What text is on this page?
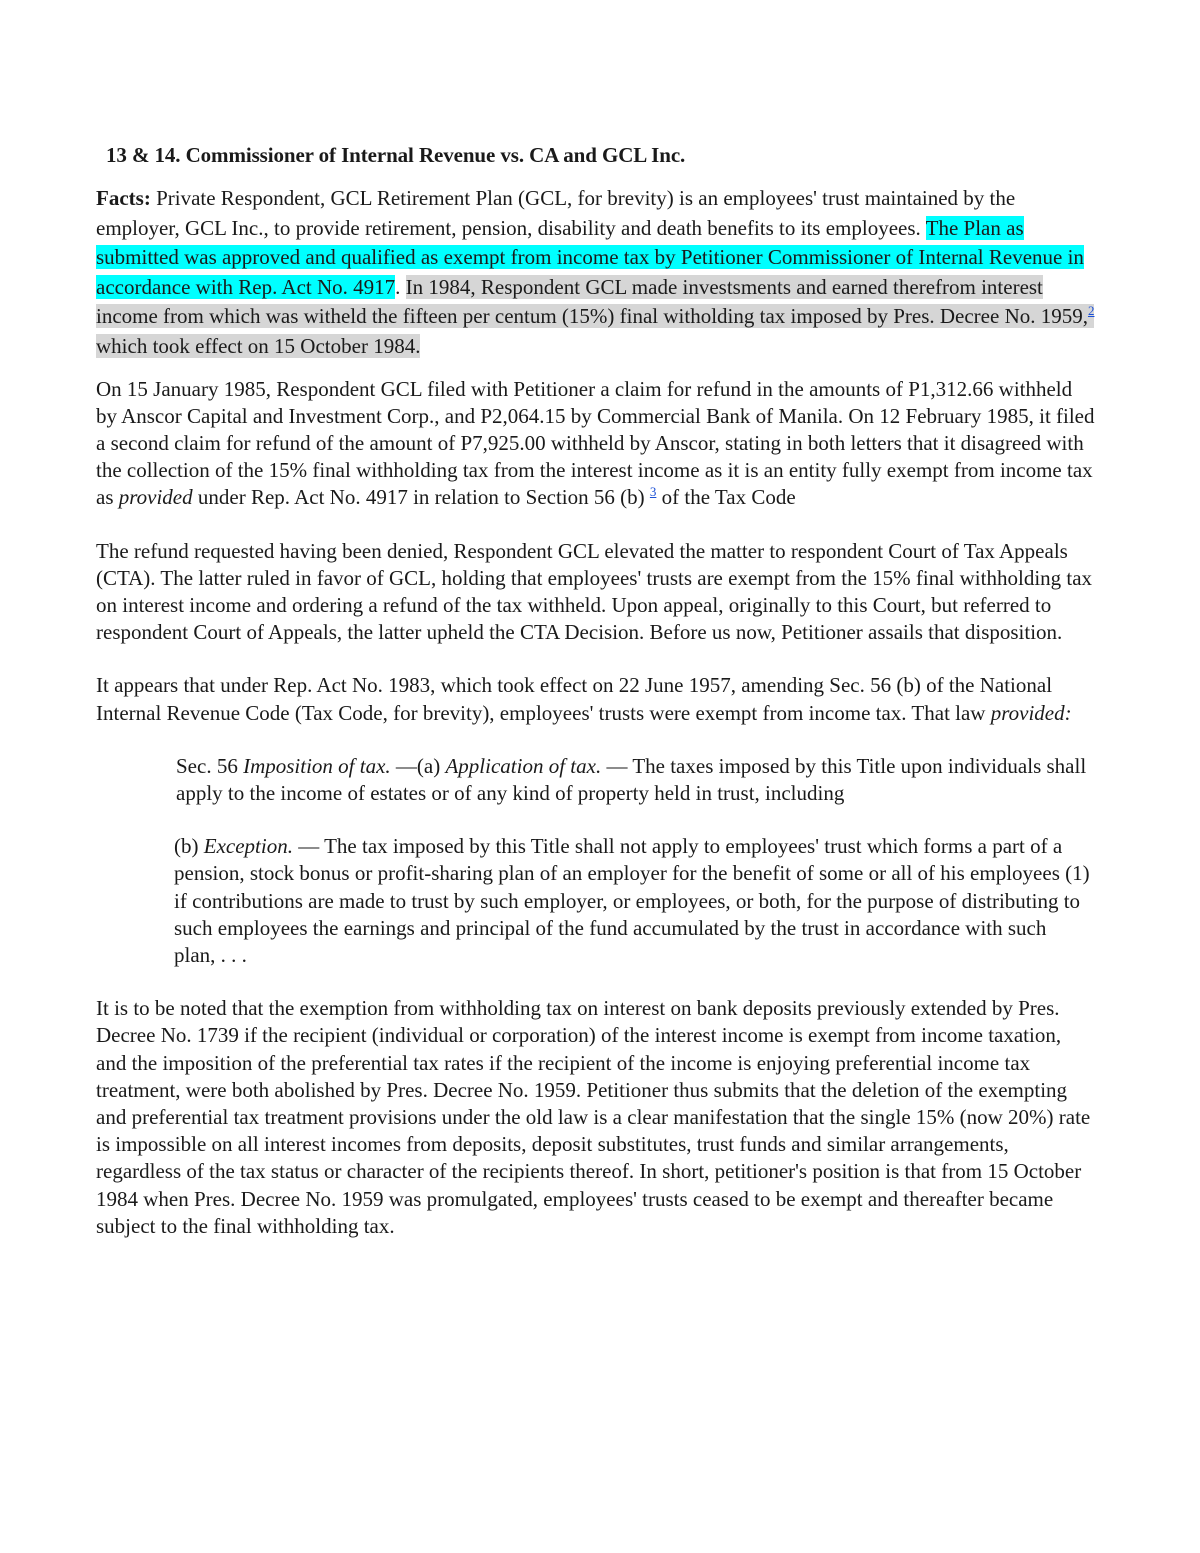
13 & 14. Commissioner of Internal Revenue vs. CA and GCL Inc.

Facts: Private Respondent, GCL Retirement Plan (GCL, for brevity) is an employees' trust maintained by the employer, GCL Inc., to provide retirement, pension, disability and death benefits to its employees. The Plan as submitted was approved and qualified as exempt from income tax by Petitioner Commissioner of Internal Revenue in accordance with Rep. Act No. 4917. In 1984, Respondent GCL made investsments and earned therefrom interest income from which was witheld the fifteen per centum (15%) final witholding tax imposed by Pres. Decree No. 1959,$^2$ which took effect on 15 October 1984.

On 15 January 1985, Respondent GCL filed with Petitioner a claim for refund in the amounts of P1,312.66 withheld by Anscor Capital and Investment Corp., and P2,064.15 by Commercial Bank of Manila. On 12 February 1985, it filed a second claim for refund of the amount of P7,925.00 withheld by Anscor, stating in both letters that it disagreed with the collection of the 15% final withholding tax from the interest income as it is an entity fully exempt from income tax as provided under Rep. Act No. 4917 in relation to Section 56 (b) $^3$ of the Tax Code

The refund requested having been denied, Respondent GCL elevated the matter to respondent Court of Tax Appeals (CTA). The latter ruled in favor of GCL, holding that employees' trusts are exempt from the 15% final withholding tax on interest income and ordering a refund of the tax withheld. Upon appeal, originally to this Court, but referred to respondent Court of Appeals, the latter upheld the CTA Decision. Before us now, Petitioner assails that disposition.

It appears that under Rep. Act No. 1983, which took effect on 22 June 1957, amending Sec. 56 (b) of the National Internal Revenue Code (Tax Code, for brevity), employees' trusts were exempt from income tax. That law provided:

Sec. 56 Imposition of tax. —(a) Application of tax. — The taxes imposed by this Title upon individuals shall apply to the income of estates or of any kind of property held in trust, including

(b) Exception. — The tax imposed by this Title shall not apply to employees' trust which forms a part of a pension, stock bonus or profit-sharing plan of an employer for the benefit of some or all of his employees (1) if contributions are made to trust by such employer, or employees, or both, for the purpose of distributing to such employees the earnings and principal of the fund accumulated by the trust in accordance with such
plan, . . .

It is to be noted that the exemption from withholding tax on interest on bank deposits previously extended by Pres. Decree No. 1739 if the recipient (individual or corporation) of the interest income is exempt from income taxation, and the imposition of the preferential tax rates if the recipient of the income is enjoying preferential income tax treatment, were both abolished by Pres. Decree No. 1959. Petitioner thus submits that the deletion of the exempting and preferential tax treatment provisions under the old law is a clear manifestation that the single 15% (now 20%) rate is impossible on all interest incomes from deposits, deposit substitutes, trust funds and similar arrangements, regardless of the tax status or character of the recipients thereof. In short, petitioner's position is that from 15 October 1984 when Pres. Decree No. 1959 was promulgated, employees' trusts ceased to be exempt and thereafter became subject to the final withholding tax.
